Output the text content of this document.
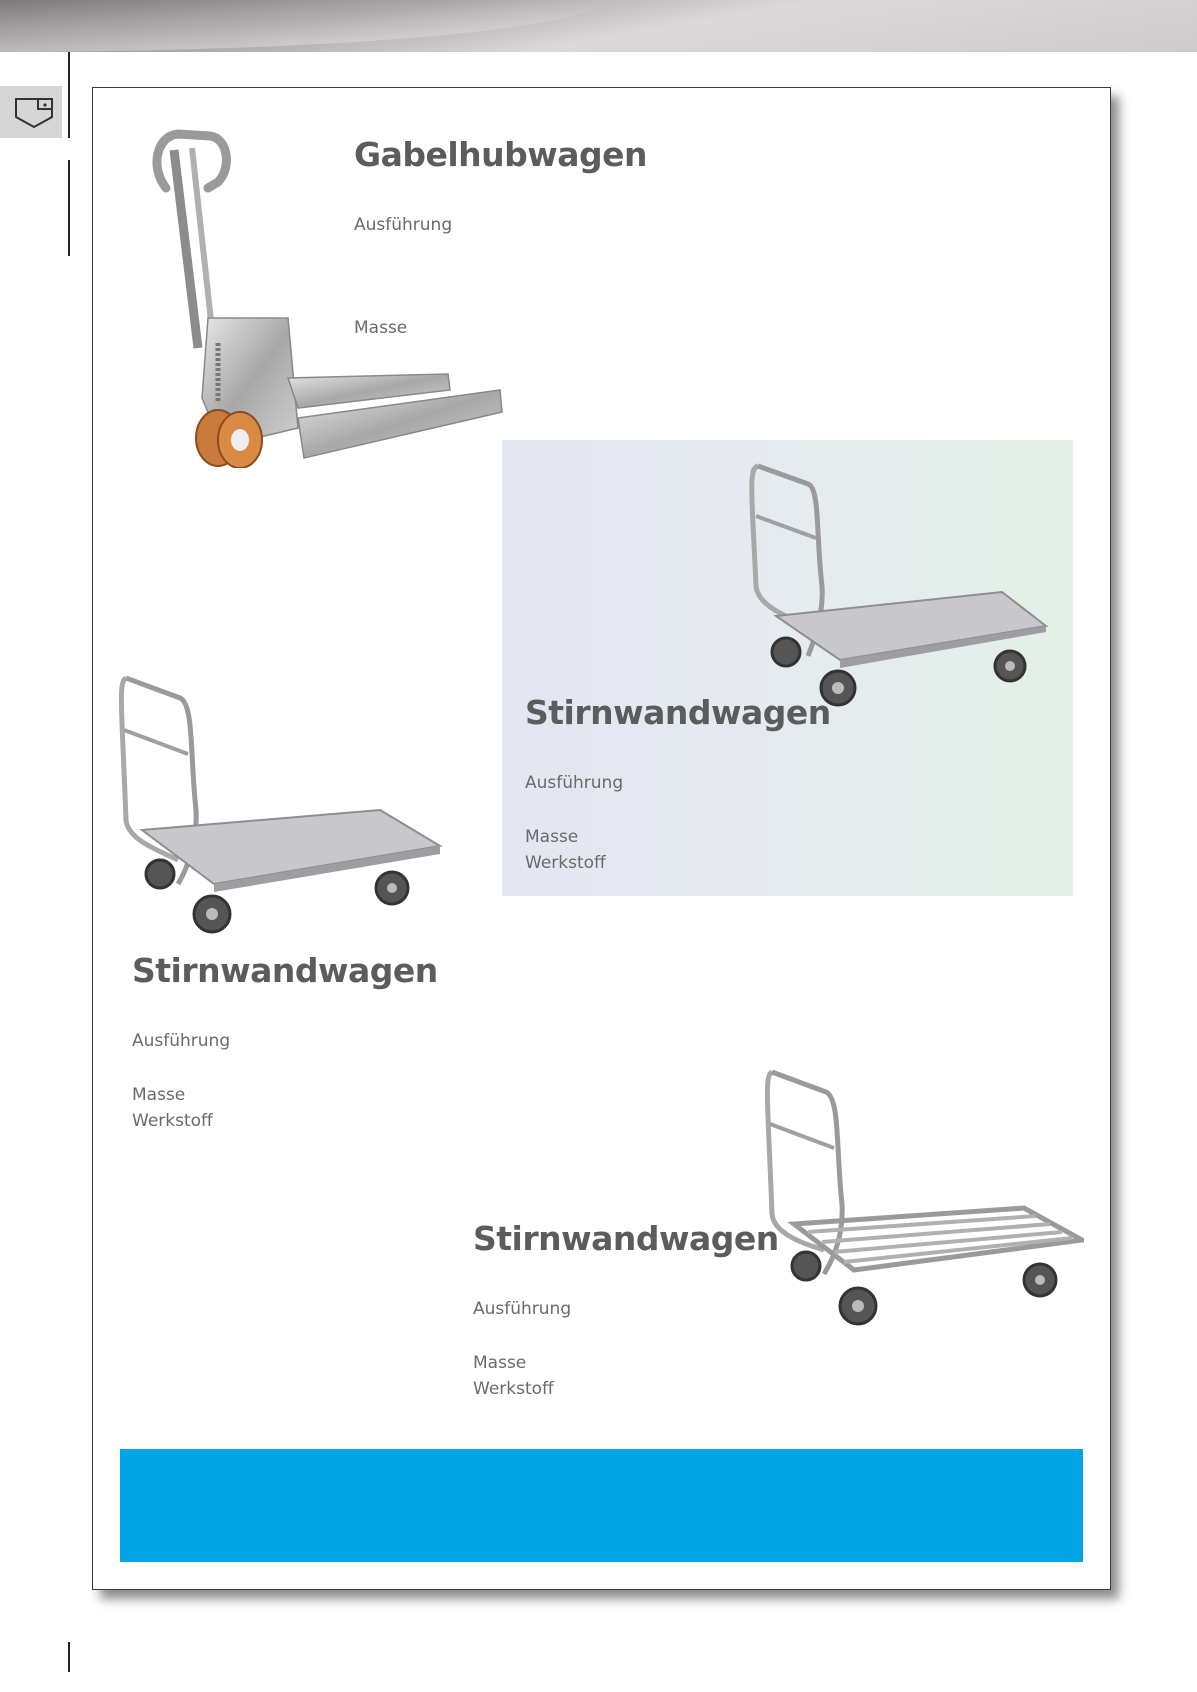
Gabelhubwagen
Ausführung
Masse
Stirnwandwagen
Ausführung
Masse
Werkstoff
Stirnwandwagen
Ausführung
Masse
Werkstoff
Stirnwandwagen
Ausführung
Masse
Werkstoff
